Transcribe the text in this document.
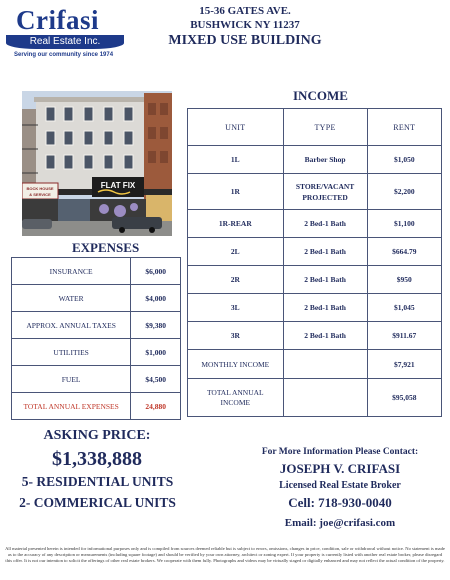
Crifasi
Real Estate Inc.
Serving our community since 1974
15-36 GATES AVE.
BUSHWICK NY 11237
MIXED USE BUILDING
BOCK HOUSE
& SERVICE
FLAT FIX
INCOME
UNIT	TYPE	RENT
1L	Barber Shop	$1,050
1R	STORE/VACANT PROJECTED	$2,200
1R-REAR	2 Bed-1 Bath	$1,100
2L	2 Bed-1 Bath	$664.79
2R	2 Bed-1 Bath	$950
3L	2 Bed-1 Bath	$1,045
3R	2 Bed-1 Bath	$911.67
MONTHLY INCOME		$7,921
TOTAL ANNUAL INCOME		$95,058
EXPENSES
INSURANCE	$6,000
WATER	$4,000
APPROX. ANNUAL TAXES	$9,380
UTILITIES	$1,000
FUEL	$4,500
TOTAL ANNUAL EXPENSES	24,880
ASKING PRICE:
$1,338,888
5- RESIDENTIAL UNITS
2- COMMERICAL UNITS
For More Information Please Contact:
JOSEPH V. CRIFASI
Licensed Real Estate Broker
Cell: 718-930-0040
Email: joe@crifasi.com
All material presented herein is intended for informational purposes only and is compiled from sources deemed reliable but is subject to errors, omissions, changes in price, condition, sale or withdrawal without notice. No statement is made as to the accuracy of any description or measurements (including square footage) and should be verified by your own attorney, architect or zoning expert. If your property is currently listed with another real estate broker, please disregard this offer. It is not our intention to solicit the offerings of other real estate brokers. We cooperate with them fully. Photographs and videos may be virtually staged or digitally enhanced and may not reflect the actual condition of the property.
